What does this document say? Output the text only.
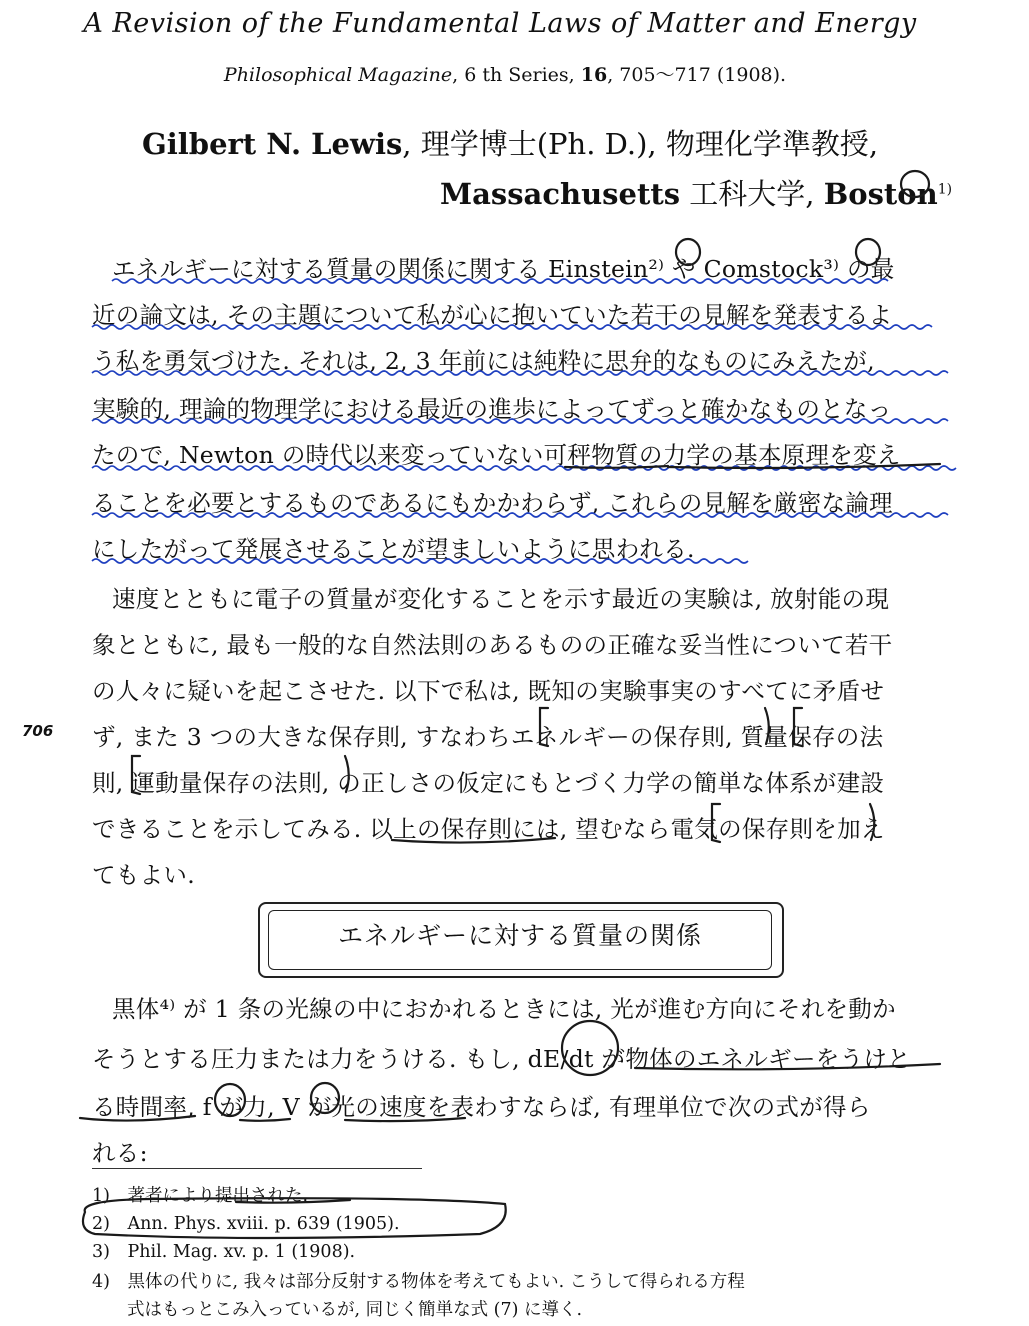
A Revision of the Fundamental Laws of Matter and Energy
Philosophical Magazine, 6 th Series, 16, 705～717 (1908).
Gilbert N. Lewis, 理学博士(Ph. D.), 物理化学準教授,
Massachusetts 工科大学, Boston$^{1)}$
エネルギーに対する質量の関係に関する Einstein²⁾ や Comstock³⁾ の最
近の論文は, その主題について私が心に抱いていた若干の見解を発表するよ
う私を勇気づけた. それは, 2, 3 年前には純粋に思弁的なものにみえたが,
実験的, 理論的物理学における最近の進歩によってずっと確かなものとなっ
たので, Newton の時代以来変っていない可秤物質の力学の基本原理を変え
ることを必要とするものであるにもかかわらず, これらの見解を厳密な論理
にしたがって発展させることが望ましいように思われる.
速度とともに電子の質量が変化することを示す最近の実験は, 放射能の現
象とともに, 最も一般的な自然法則のあるものの正確な妥当性について若干
の人々に疑いを起こさせた. 以下で私は, 既知の実験事実のすべてに矛盾せ
ず, また 3 つの大きな保存則, すなわちエネルギーの保存則, 質量保存の法
則, 運動量保存の法則, の正しさの仮定にもとづく力学の簡単な体系が建設
できることを示してみる. 以上の保存則には, 望むなら電気の保存則を加え
てもよい.
706
エネルギーに対する質量の関係
黒体⁴⁾ が 1 条の光線の中におかれるときには, 光が進む方向にそれを動か
そうとする圧力または力をうける. もし, dE/dt が物体のエネルギーをうけと
る時間率, f が力, V が光の速度を表わすならば, 有理単位で次の式が得ら
れる:
1)　著者により提出された.
2)　Ann. Phys. xviii. p. 639 (1905).
3)　Phil. Mag. xv. p. 1 (1908).
4)　黒体の代りに, 我々は部分反射する物体を考えてもよい. こうして得られる方程
　　式はもっとこみ入っているが, 同じく簡単な式 (7) に導く.
